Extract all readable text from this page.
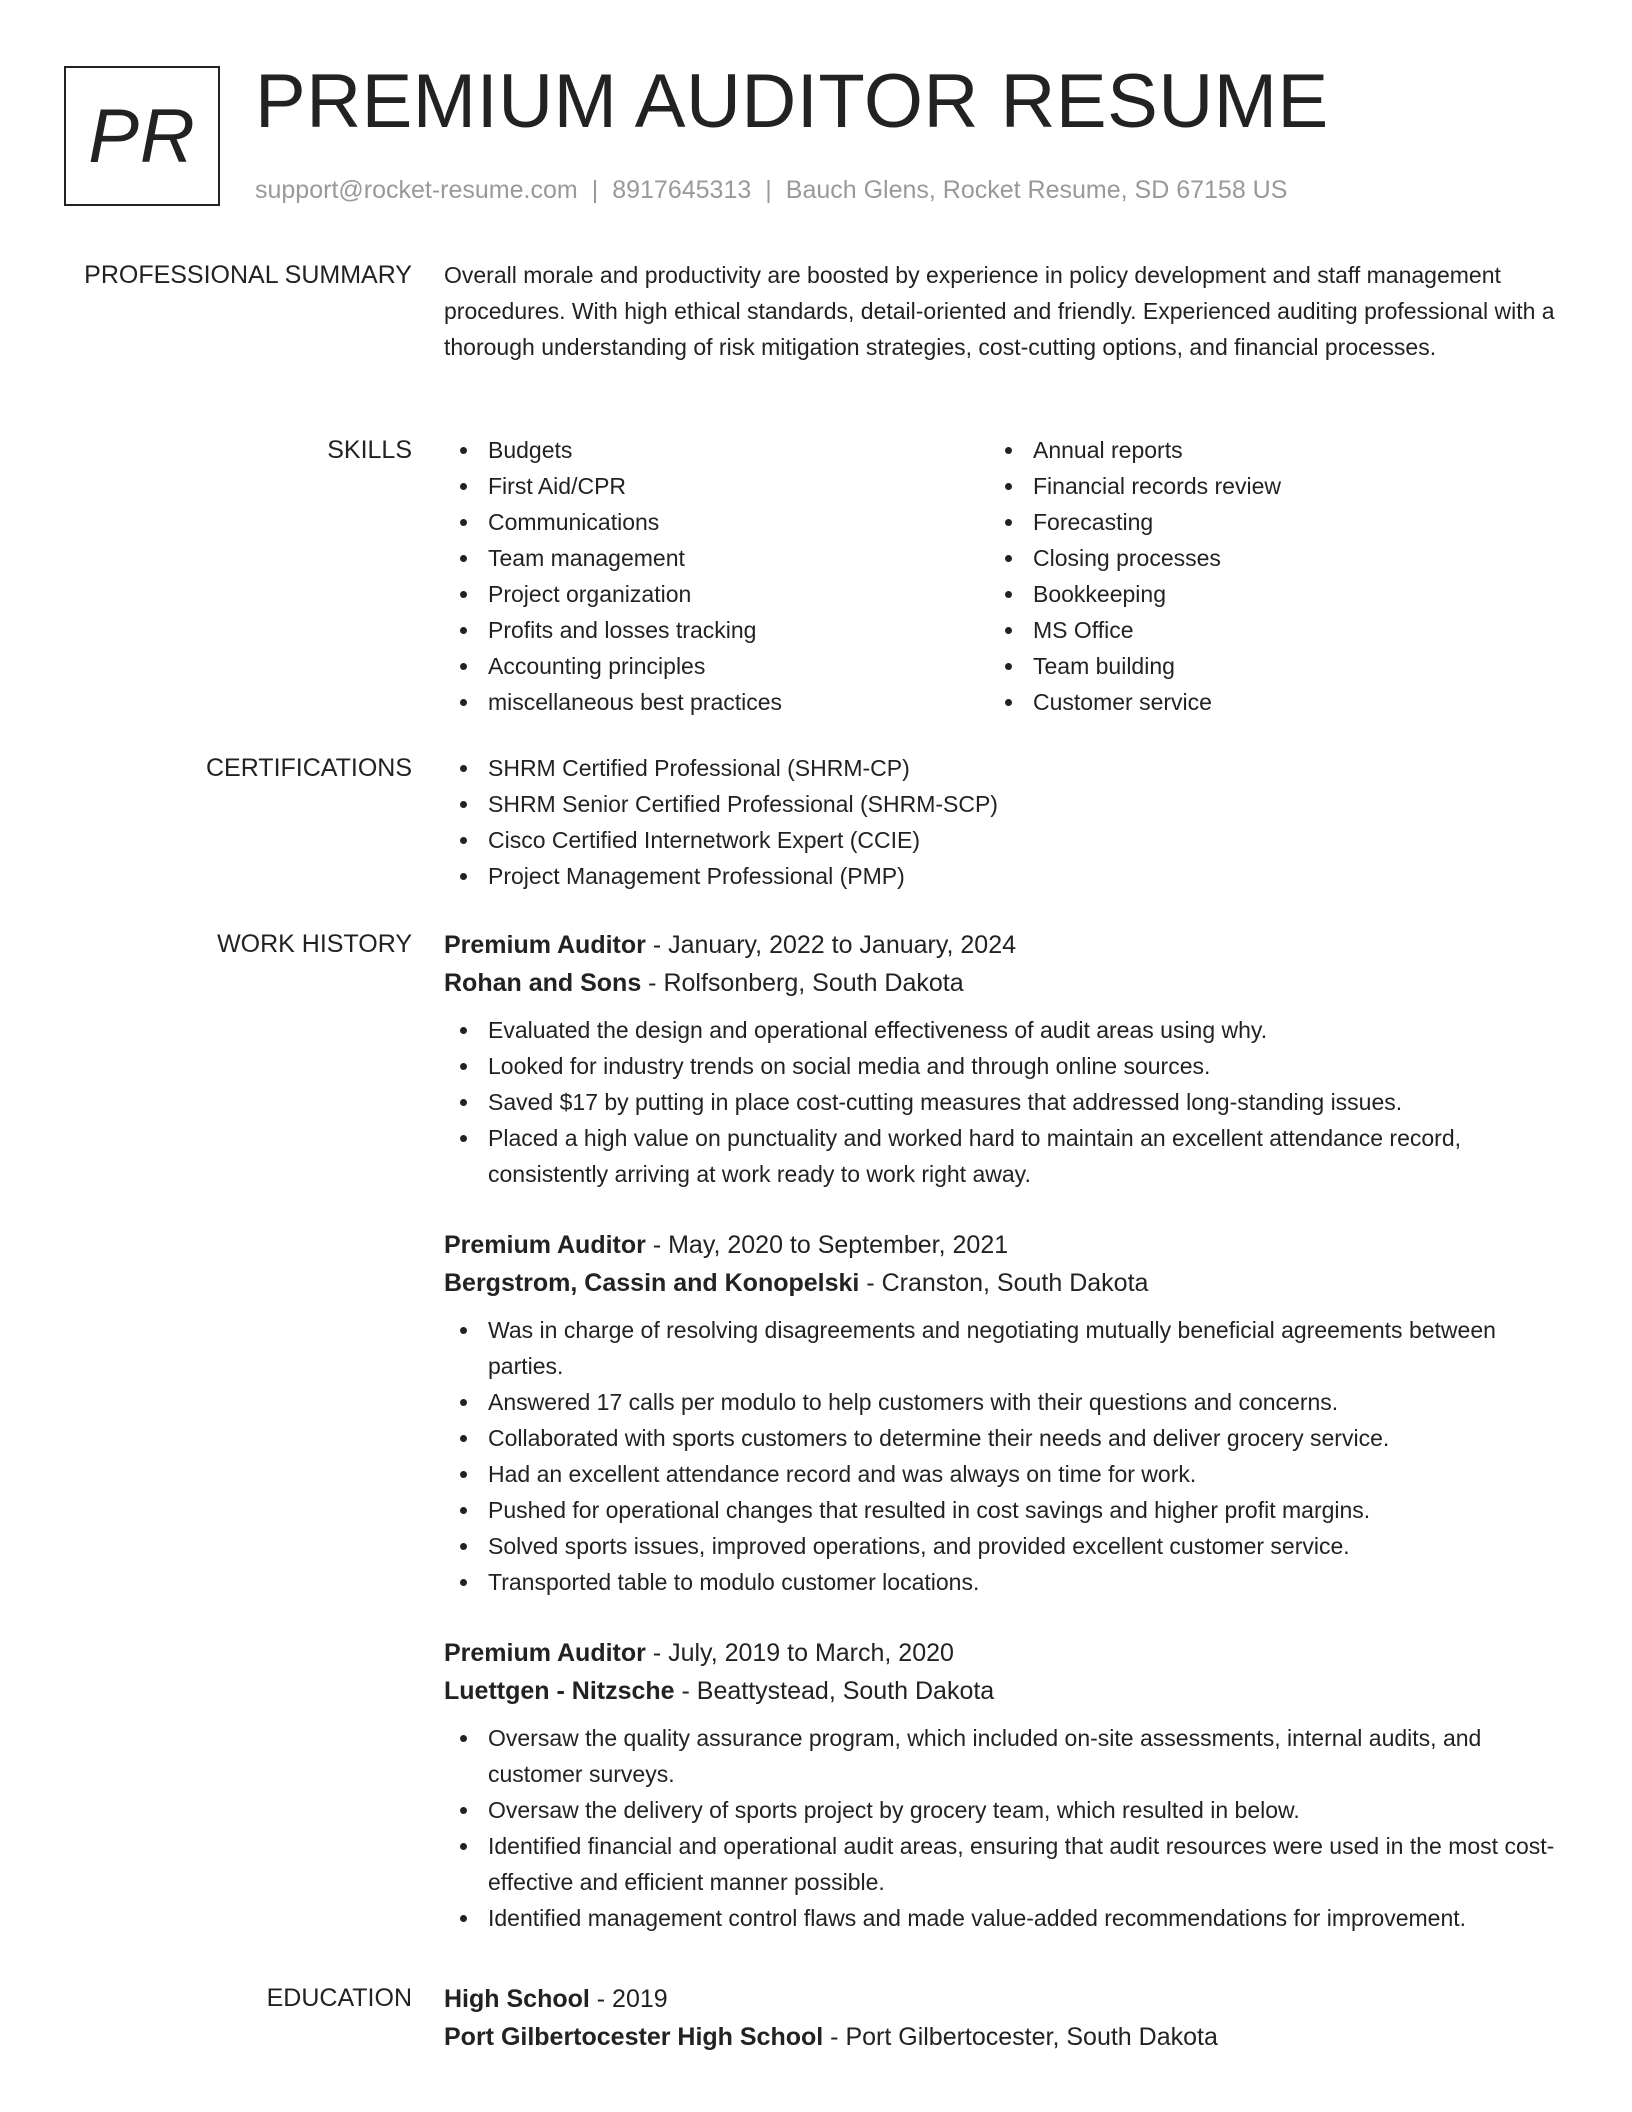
PR PREMIUM AUDITOR RESUME
support@rocket-resume.com | 8917645313 | Bauch Glens, Rocket Resume, SD 67158 US
PROFESSIONAL SUMMARY Overall morale and productivity are boosted by experience in policy development and staff management procedures. With high ethical standards, detail-oriented and friendly. Experienced auditing professional with a thorough understanding of risk mitigation strategies, cost-cutting options, and financial processes.

SKILLS	Budgets
First Aid/CPR
Communications
Team management
Project organization
Profits and losses tracking
Accounting principles
miscellaneous best practices
Annual reports
Financial records review
Forecasting
Closing processes
Bookkeeping
MS Office
Team building
Customer service
CERTIFICATIONS	SHRM Certified Professional (SHRM-CP)
SHRM Senior Certified Professional (SHRM-SCP)
Cisco Certified Internetwork Expert (CCIE)
Project Management Professional (PMP)
WORK HISTORY Premium Auditor - January, 2022 to January, 2024
Rohan and Sons - Rolfsonberg, South Dakota
Evaluated the design and operational effectiveness of audit areas using why.
Looked for industry trends on social media and through online sources.
Saved $17 by putting in place cost-cutting measures that addressed long-standing issues.
Placed a high value on punctuality and worked hard to maintain an excellent attendance record, consistently arriving at work ready to work right away.
Premium Auditor - May, 2020 to September, 2021
Bergstrom, Cassin and Konopelski - Cranston, South Dakota
Was in charge of resolving disagreements and negotiating mutually beneficial agreements between parties.
Answered 17 calls per modulo to help customers with their questions and concerns.
Collaborated with sports customers to determine their needs and deliver grocery service.
Had an excellent attendance record and was always on time for work.
Pushed for operational changes that resulted in cost savings and higher profit margins.
Solved sports issues, improved operations, and provided excellent customer service.
Transported table to modulo customer locations.
Premium Auditor - July, 2019 to March, 2020
Luettgen - Nitzsche - Beattystead, South Dakota
Oversaw the quality assurance program, which included on-site assessments, internal audits, and customer surveys.
Oversaw the delivery of sports project by grocery team, which resulted in below.
Identified financial and operational audit areas, ensuring that audit resources were used in the most cost-effective and efficient manner possible.
Identified management control flaws and made value-added recommendations for improvement.
EDUCATION High School - 2019
Port Gilbertocester High School - Port Gilbertocester, South Dakota
